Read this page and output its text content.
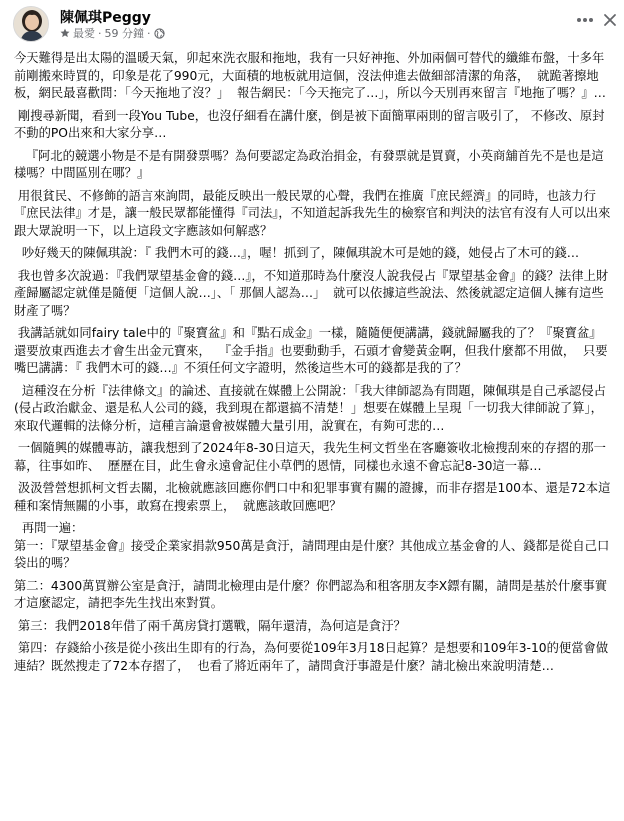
陳佩琪Peggy
最愛 · 59 分鐘 ·

今天難得是出太陽的溫暖天氣，卯起來洗衣服和拖地，我有一只好神拖、外加兩個可替代的纖維布盤，十多年前剛搬來時買的，印象是花了990元，大面積的地板就用這個，沒法伸進去做細部清潔的角落，  就跪著擦地板，網民最喜歡問：「今天拖地了沒？」  報告網民：「今天拖完了…」，所以今天別再來留言『地拖了嗎？』…

剛搜尋新聞，看到一段You Tube，也沒仔細看在講什麼，倒是被下面簡單兩則的留言吸引了， 不修改、原封不動的PO出來和大家分享…

『阿北的競選小物是不是有開發票嗎？為何要認定為政治捐金，有發票就是買賣，小英商舖首先不是也是這樣嗎？中間區別在哪？』

用很貧民、不修飾的語言來詢問，最能反映出一般民眾的心聲，我們在推廣『庶民經濟』的同時，也該力行『庶民法律』才是，讓一般民眾都能懂得『司法』，不知道起訴我先生的檢察官和判決的法官有沒有人可以出來跟大眾說明一下，以上這段文字應該如何解惑？

吵好幾天的陳佩琪說：『 我們木可的錢…』，喔！抓到了，陳佩琪說木可是她的錢，她侵占了木可的錢…

我也曾多次說過：『我們眾望基金會的錢…』，不知道那時為什麼沒人說我侵占『眾望基金會』的錢？法律上財產歸屬認定就僅是隨便「這個人說…」、「 那個人認為…」  就可以依據這些說法、然後就認定這個人擁有這些財產了嗎？

我講話就如同fairy tale中的『聚寶盆』和『點石成金』一樣，隨隨便便講講，錢就歸屬我的了？『聚寶盆』還要放東西進去才會生出金元寶來，  『金手指』也要動動手，石頭才會變黃金啊，但我什麼都不用做，  只要嘴巴講講：『 我們木可的錢…』不須任何文字證明，然後這些木可的錢都是我的了？

這種沒在分析『法律條文』的論述、直接就在媒體上公開說：「我大律師認為有問題，陳佩琪是自己承認侵占(侵占政治獻金、還是私人公司的錢，我到現在都還搞不清楚！」想要在媒體上呈現「一切我大律師說了算」，來取代邏輯的法條分析，這種言論還會被媒體大量引用，說實在，有夠可悲的…

一個隨興的媒體專訪，讓我想到了2024年8-30日這天，我先生柯文哲坐在客廳簽收北檢搜刮來的存摺的那一幕，往事如昨、  歷歷在目，此生會永遠會記住小草們的恩情，同樣也永遠不會忘記8-30這一幕…

汲汲營營想抓柯文哲去關，北檢就應該回應你們口中和犯罪事實有關的證據，而非存摺是100本、還是72本這種和案情無關的小事，敢寫在搜索票上，  就應該敢回應吧？

再問一遍：

第一：『眾望基金會』接受企業家捐款950萬是貪汙，請問理由是什麼？其他成立基金會的人、錢都是從自己口袋出的嗎？

第二：4300萬買辦公室是貪汙，請問北檢理由是什麼？你們認為和租客朋友李X鏢有關，請問是基於什麼事實才這麼認定，請把李先生找出來對質。

第三：我們2018年借了兩千萬房貸打選戰，隔年還清，為何這是貪汙？

第四：存錢給小孩是從小孩出生即有的行為，為何要從109年3月18日起算？是想要和109年3-10的便當會做連結？既然搜走了72本存摺了，  也看了將近兩年了，請問貪汙事證是什麼？請北檢出來說明清楚…
